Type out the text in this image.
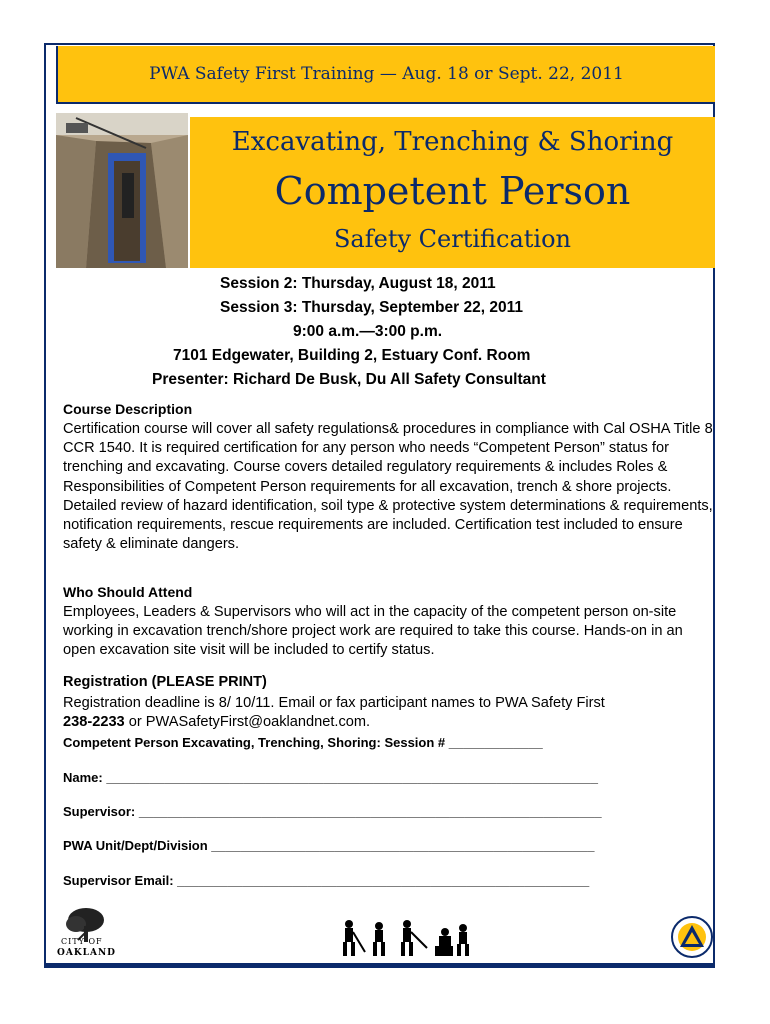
PWA Safety First Training — Aug. 18 or Sept. 22, 2011
Excavating, Trenching & Shoring
Competent Person
Safety Certification
Session 2: Thursday, August 18, 2011
Session 3: Thursday, September 22, 2011
9:00 a.m.—3:00 p.m.
7101 Edgewater, Building 2, Estuary Conf. Room
Presenter: Richard De Busk, Du All Safety Consultant
Course Description
Certification course will cover all safety regulations& procedures in compliance with Cal OSHA Title 8 CCR 1540. It is required certification for any person who needs “Competent Person” status for trenching and excavating. Course covers detailed regulatory requirements & includes Roles & Responsibilities of Competent Person requirements for all excavation, trench & shore projects. Detailed review of hazard identification, soil type & protective system determinations & requirements, notification requirements, rescue requirements are included. Certification test included to ensure safety & eliminate dangers.
Who Should Attend
Employees, Leaders & Supervisors who will act in the capacity of the competent person on-site working in excavation trench/shore project work are required to take this course. Hands-on in an open excavation site visit will be included to certify status.
Registration (PLEASE PRINT)
Registration deadline is 8/ 10/11. Email or fax participant names to PWA Safety First
238-2233 or PWASafetyFirst@oaklandnet.com.
Competent Person Excavating, Trenching, Shoring: Session # _____________
Name: ____________________________________________________________________
Supervisor: ________________________________________________________________
PWA Unit/Dept/Division _____________________________________________________
Supervisor Email: _________________________________________________________
CITY OF
OAKLAND
